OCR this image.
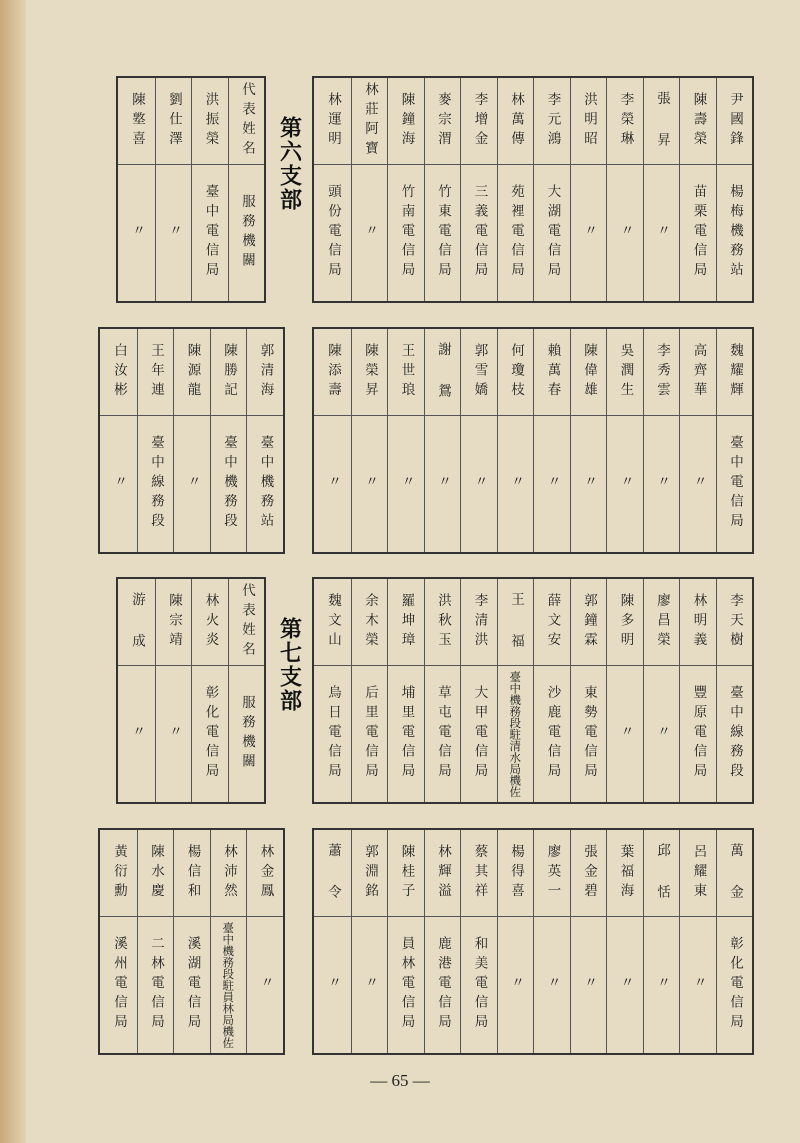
尹國鋒
楊梅機務站
陳壽榮
苗栗電信局
張 昇
〃
李榮琳
〃
洪明昭
〃
李元鴻
大湖電信局
林萬傳
苑裡電信局
李增金
三義電信局
麥宗渭
竹東電信局
陳鐘海
竹南電信局
林莊阿寶
〃
林運明
頭份電信局
第六支部
代表姓名
服務機關
洪振榮
臺中電信局
劉仕澤
〃
陳墪喜
〃
魏耀輝
臺中電信局
高齊華
〃
李秀雲
〃
吳潤生
〃
陳偉雄
〃
賴萬春
〃
何瓊枝
〃
郭雪嬌
〃
謝 鴛
〃
王世琅
〃
陳榮昇
〃
陳添壽
〃
郭清海
臺中機務站
陳勝記
臺中機務段
陳源龍
〃
王年連
臺中線務段
白汝彬
〃
李天樹
臺中線務段
林明義
豐原電信局
廖昌榮
〃
陳多明
〃
郭鐘霖
東勢電信局
薛文安
沙鹿電信局
王 福
臺中機務段駐清水局機佐
李清洪
大甲電信局
洪秋玉
草屯電信局
羅坤璋
埔里電信局
余木榮
后里電信局
魏文山
烏日電信局
第七支部
代表姓名
服務機關
林火炎
彰化電信局
陳宗靖
〃
游 成
〃
萬 金
彰化電信局
呂耀東
〃
邱 恬
〃
葉福海
〃
張金碧
〃
廖英一
〃
楊得喜
〃
蔡其祥
和美電信局
林輝溢
鹿港電信局
陳桂子
員林電信局
郭淵銘
〃
蕭 令
〃
林金鳳
〃
林沛然
臺中機務段駐員林局機佐
楊信和
溪湖電信局
陳水慶
二林電信局
黃衍勳
溪州電信局
— 65 —
